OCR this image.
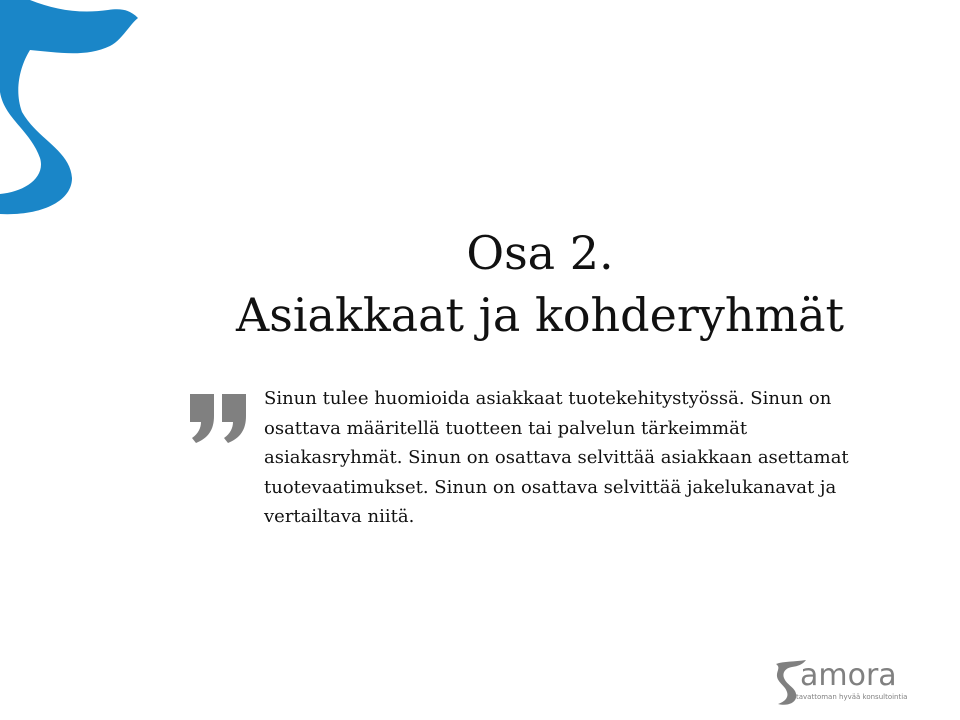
Osa 2.
Asiakkaat ja kohderyhmät

Sinun tulee huomioida asiakkaat tuotekehitystyössä. Sinun on osattava määritellä tuotteen tai palvelun tärkeimmät asiakasryhmät. Sinun on osattava selvittää asiakkaan asettamat tuotevaatimukset. Sinun on osattava selvittää jakelukanavat ja vertailtava niitä.

amora
tavattoman hyvää konsultointia
